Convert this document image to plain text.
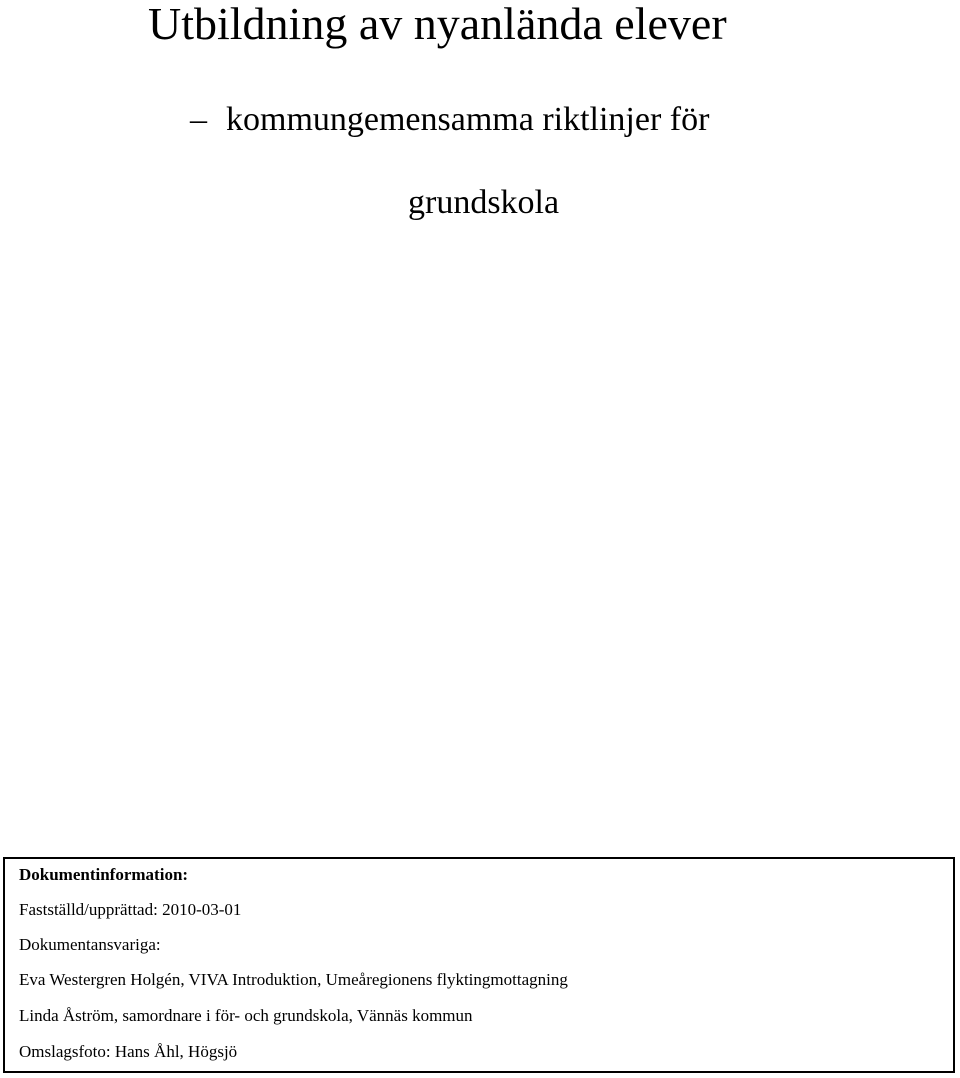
Utbildning av nyanlända elever
– kommungemensamma riktlinjer för
grundskola
Dokumentinformation:
Fastställd/upprättad: 2010-03-01
Dokumentansvariga:
Eva Westergren Holgén, VIVA Introduktion, Umeåregionens flyktingmottagning
Linda Åström, samordnare i för- och grundskola, Vännäs kommun
Omslagsfoto: Hans Åhl, Högsjö
